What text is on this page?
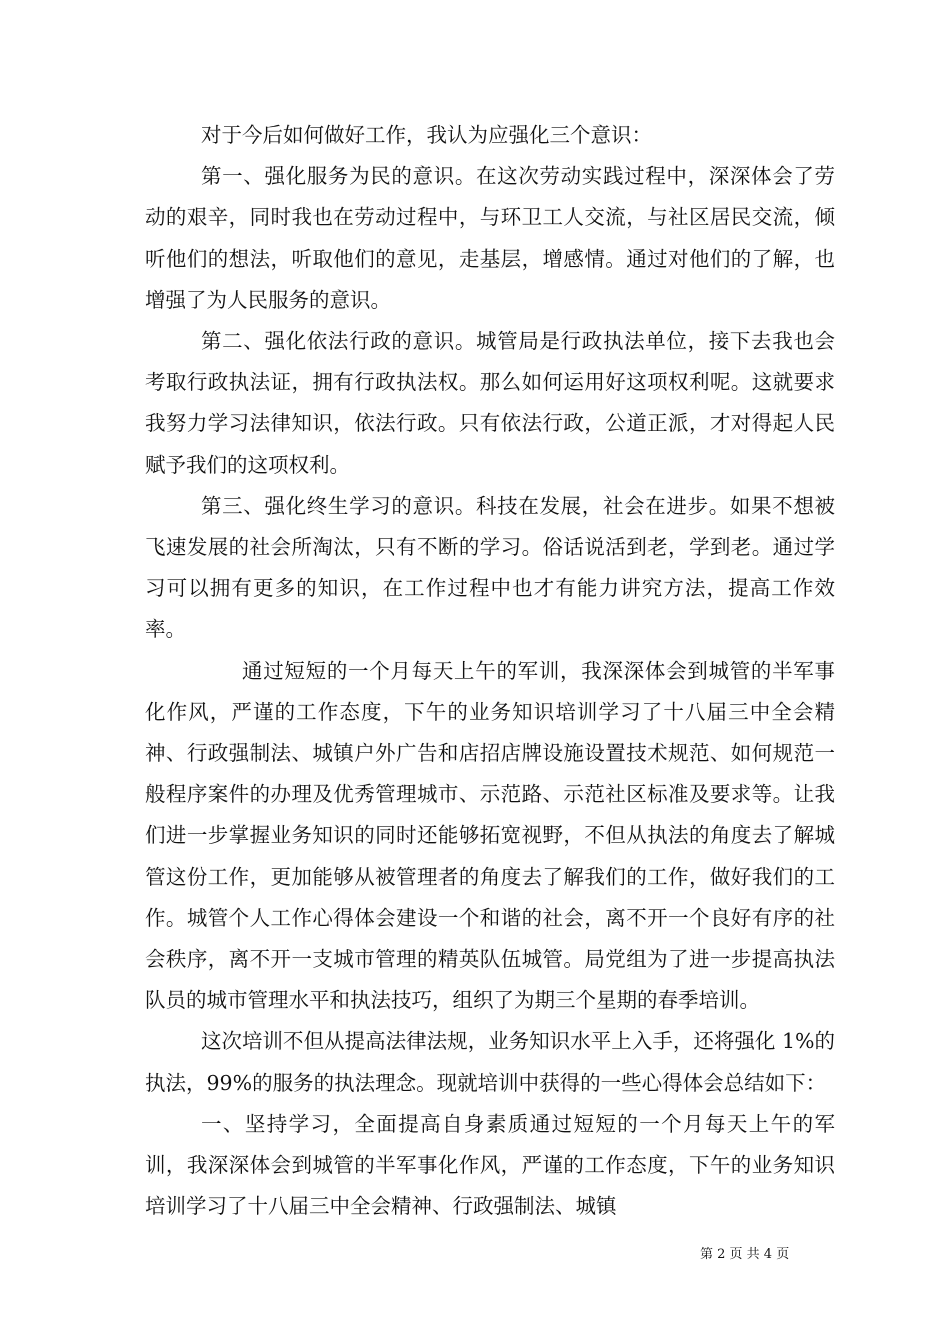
对于今后如何做好工作，我认为应强化三个意识：

第一、强化服务为民的意识。在这次劳动实践过程中，深深体会了劳动的艰辛，同时我也在劳动过程中，与环卫工人交流，与社区居民交流，倾听他们的想法，听取他们的意见，走基层，增感情。通过对他们的了解，也增强了为人民服务的意识。

第二、强化依法行政的意识。城管局是行政执法单位，接下去我也会考取行政执法证，拥有行政执法权。那么如何运用好这项权利呢。这就要求我努力学习法律知识，依法行政。只有依法行政，公道正派，才对得起人民赋予我们的这项权利。

第三、强化终生学习的意识。科技在发展，社会在进步。如果不想被飞速发展的社会所淘汰，只有不断的学习。俗话说活到老，学到老。通过学习可以拥有更多的知识，在工作过程中也才有能力讲究方法，提高工作效率。

通过短短的一个月每天上午的军训，我深深体会到城管的半军事化作风，严谨的工作态度，下午的业务知识培训学习了十八届三中全会精神、行政强制法、城镇户外广告和店招店牌设施设置技术规范、如何规范一般程序案件的办理及优秀管理城市、示范路、示范社区标准及要求等。让我们进一步掌握业务知识的同时还能够拓宽视野，不但从执法的角度去了解城管这份工作，更加能够从被管理者的角度去了解我们的工作，做好我们的工作。城管个人工作心得体会建设一个和谐的社会，离不开一个良好有序的社会秩序，离不开一支城市管理的精英队伍城管。局党组为了进一步提高执法队员的城市管理水平和执法技巧，组织了为期三个星期的春季培训。

这次培训不但从提高法律法规，业务知识水平上入手，还将强化 1%的执法，99%的服务的执法理念。现就培训中获得的一些心得体会总结如下：

一、坚持学习，全面提高自身素质通过短短的一个月每天上午的军训，我深深体会到城管的半军事化作风，严谨的工作态度，下午的业务知识培训学习了十八届三中全会精神、行政强制法、城镇

第 2 页 共 4 页
